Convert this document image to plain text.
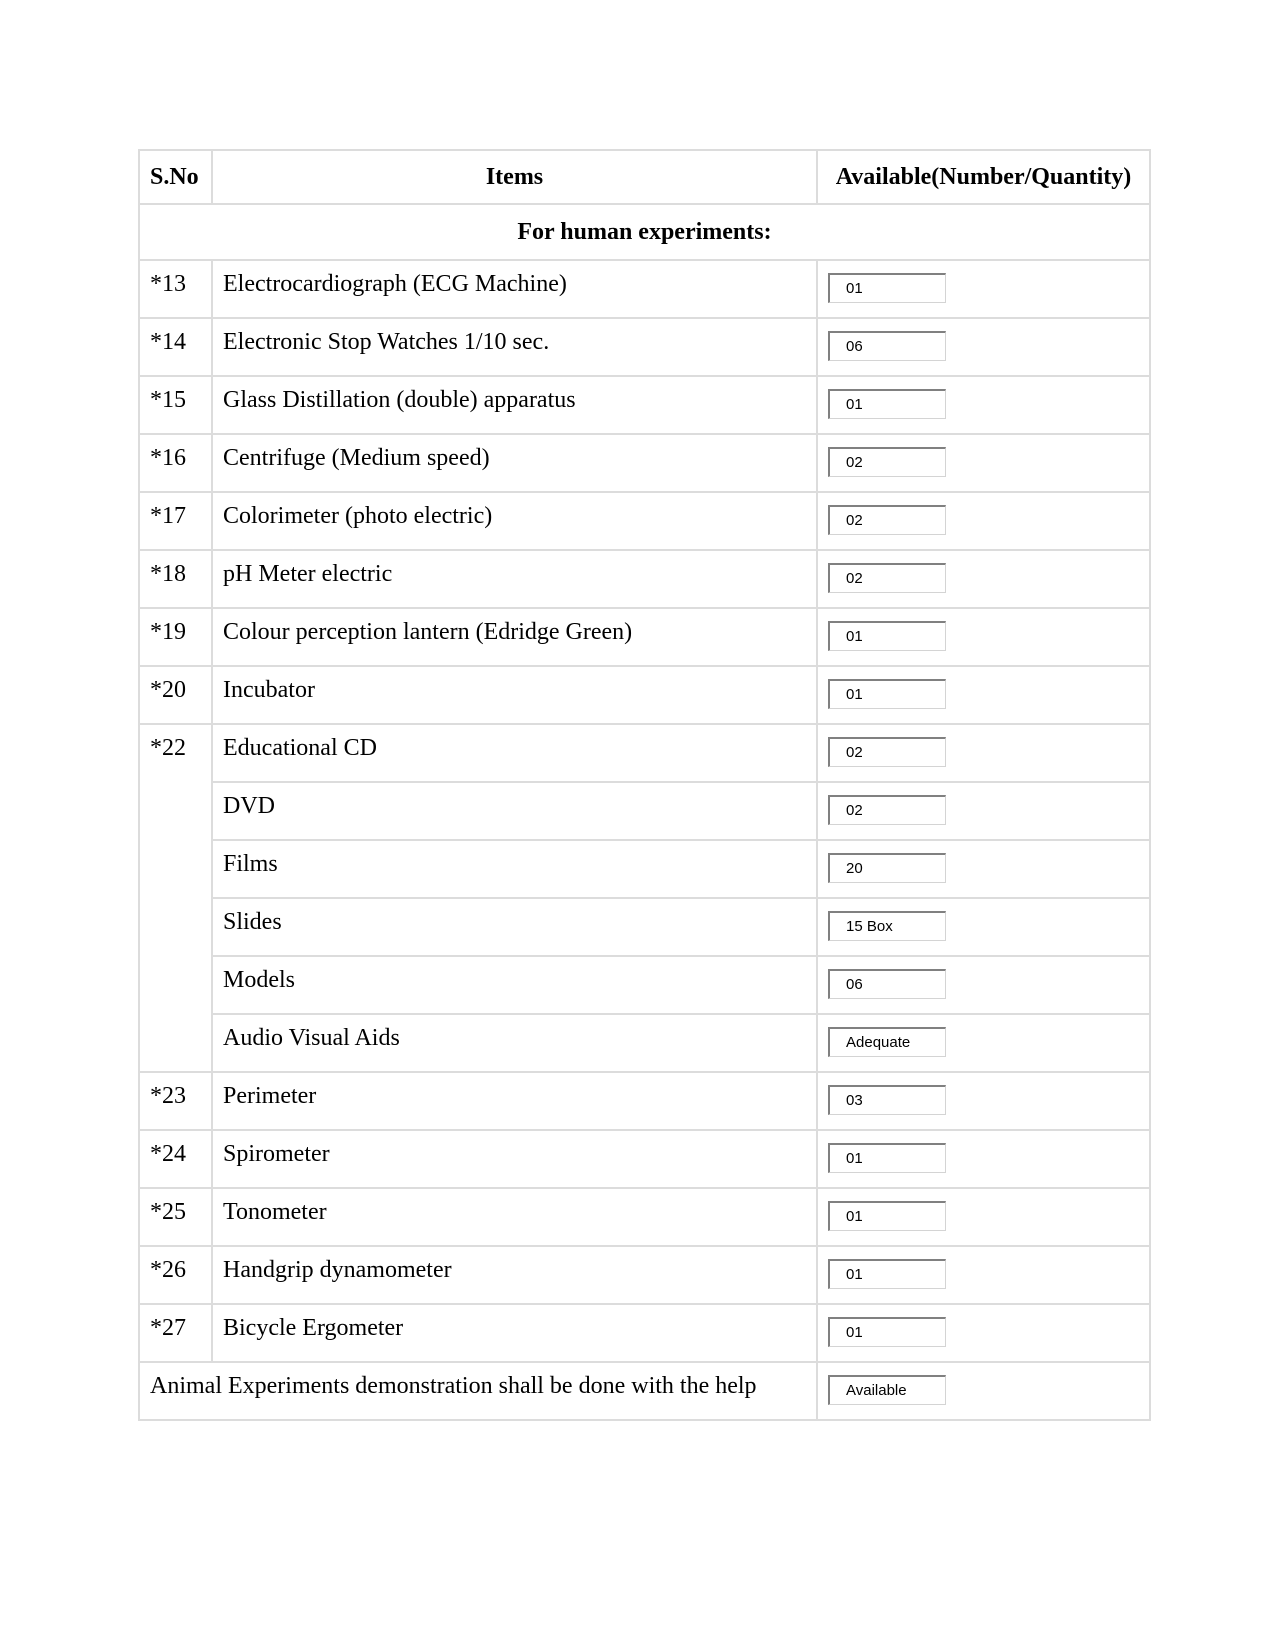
S.No	Items	Available(Number/Quantity)
For human experiments:		
*13	Electrocardiograph (ECG Machine)	01
*14	Electronic Stop Watches 1/10 sec.	06
*15	Glass Distillation (double) apparatus	01
*16	Centrifuge (Medium speed)	02
*17	Colorimeter (photo electric)	02
*18	pH Meter electric	02
*19	Colour perception lantern (Edridge Green)	01
*20	Incubator	01
*22	Educational CD	02
	DVD	02
	Films	20
	Slides	15 Box
	Models	06
	Audio Visual Aids	Adequate
*23	Perimeter	03
*24	Spirometer	01
*25	Tonometer	01
*26	Handgrip dynamometer	01
*27	Bicycle Ergometer	01
Animal Experiments demonstration shall be done with the help	Available
